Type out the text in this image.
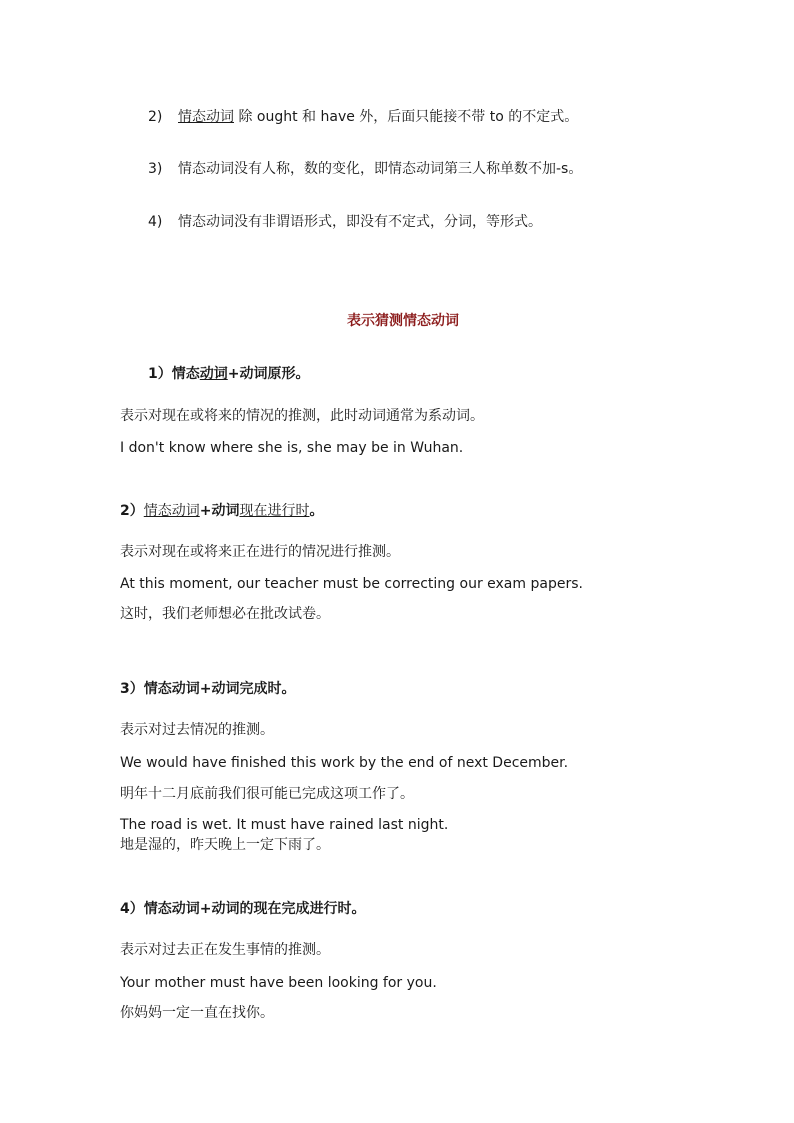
2) 情态动词 除 ought 和 have 外，后面只能接不带 to 的不定式。
3) 情态动词没有人称，数的变化，即情态动词第三人称单数不加-s。
4) 情态动词没有非谓语形式，即没有不定式，分词，等形式。
表示猜测情态动词
1）情态动词+动词原形。
表示对现在或将来的情况的推测，此时动词通常为系动词。
I don't know where she is, she may be in Wuhan.
2）情态动词+动词现在进行时。
表示对现在或将来正在进行的情况进行推测。
At this moment, our teacher must be correcting our exam papers.
这时，我们老师想必在批改试卷。
3）情态动词+动词完成时。
表示对过去情况的推测。
We would have finished this work by the end of next December.
明年十二月底前我们很可能已完成这项工作了。
The road is wet. It must have rained last night.
地是湿的，昨天晚上一定下雨了。
4）情态动词+动词的现在完成进行时。
表示对过去正在发生事情的推测。
Your mother must have been looking for you.
你妈妈一定一直在找你。
